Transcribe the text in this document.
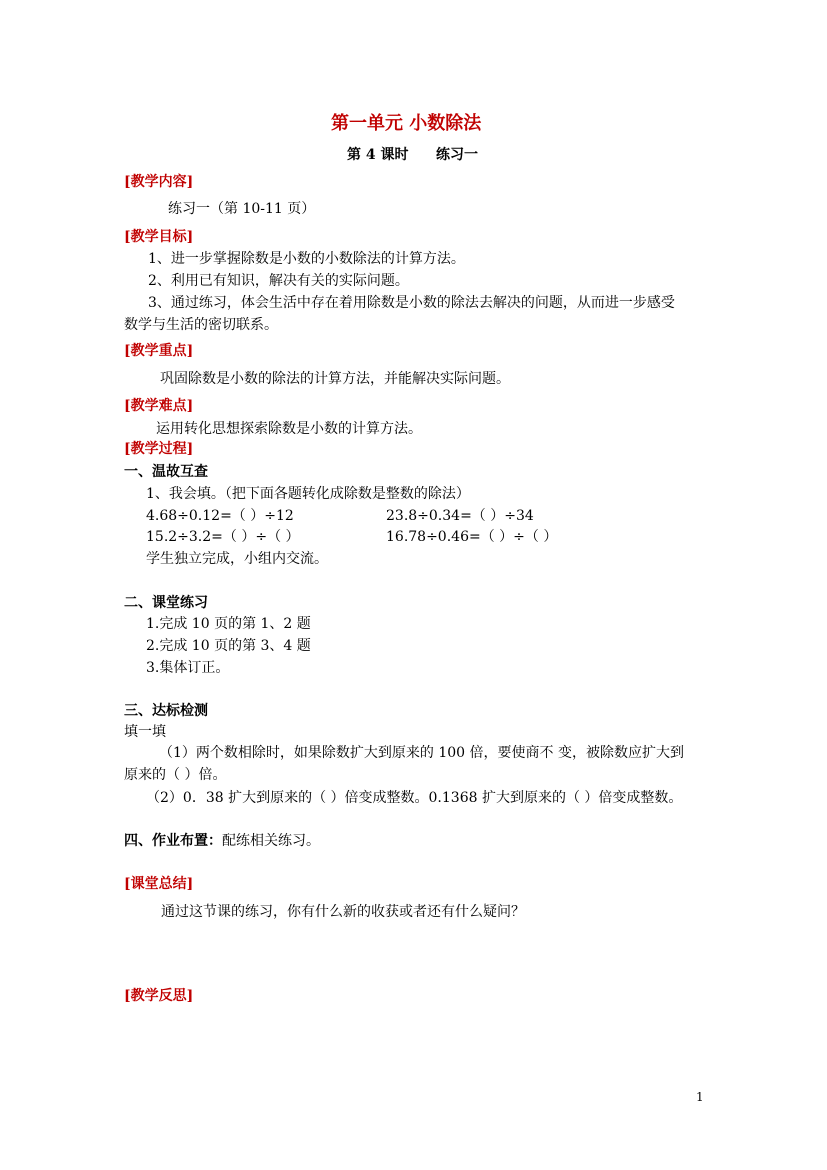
第一单元 小数除法
第 4 课时 练习一
[教学内容]
练习一（第 10-11 页）
[教学目标]
1、进一步掌握除数是小数的小数除法的计算方法。
2、利用已有知识，解决有关的实际问题。
3、通过练习，体会生活中存在着用除数是小数的除法去解决的问题，从而进一步感受
数学与生活的密切联系。
[教学重点]
巩固除数是小数的除法的计算方法，并能解决实际问题。
[教学难点]
运用转化思想探索除数是小数的计算方法。
[教学过程]
一、温故互查
1、我会填。（把下面各题转化成除数是整数的除法）
4.68÷0.12=（ ）÷12	23.8÷0.34=（ ）÷34
15.2÷3.2=（ ）÷（ ）	16.78÷0.46=（ ）÷（ ）
学生独立完成，小组内交流。
二、课堂练习
1.完成 10 页的第 1、2 题
2.完成 10 页的第 3、4 题
3.集体订正。
三、达标检测
填一填
（1）两个数相除时，如果除数扩大到原来的 100 倍，要使商不 变，被除数应扩大到
原来的（ ）倍。
（2）0．38 扩大到原来的（ ）倍变成整数。0.1368 扩大到原来的（ ）倍变成整数。
四、作业布置：配练相关练习。
[课堂总结]
通过这节课的练习，你有什么新的收获或者还有什么疑问？
[教学反思]
1
